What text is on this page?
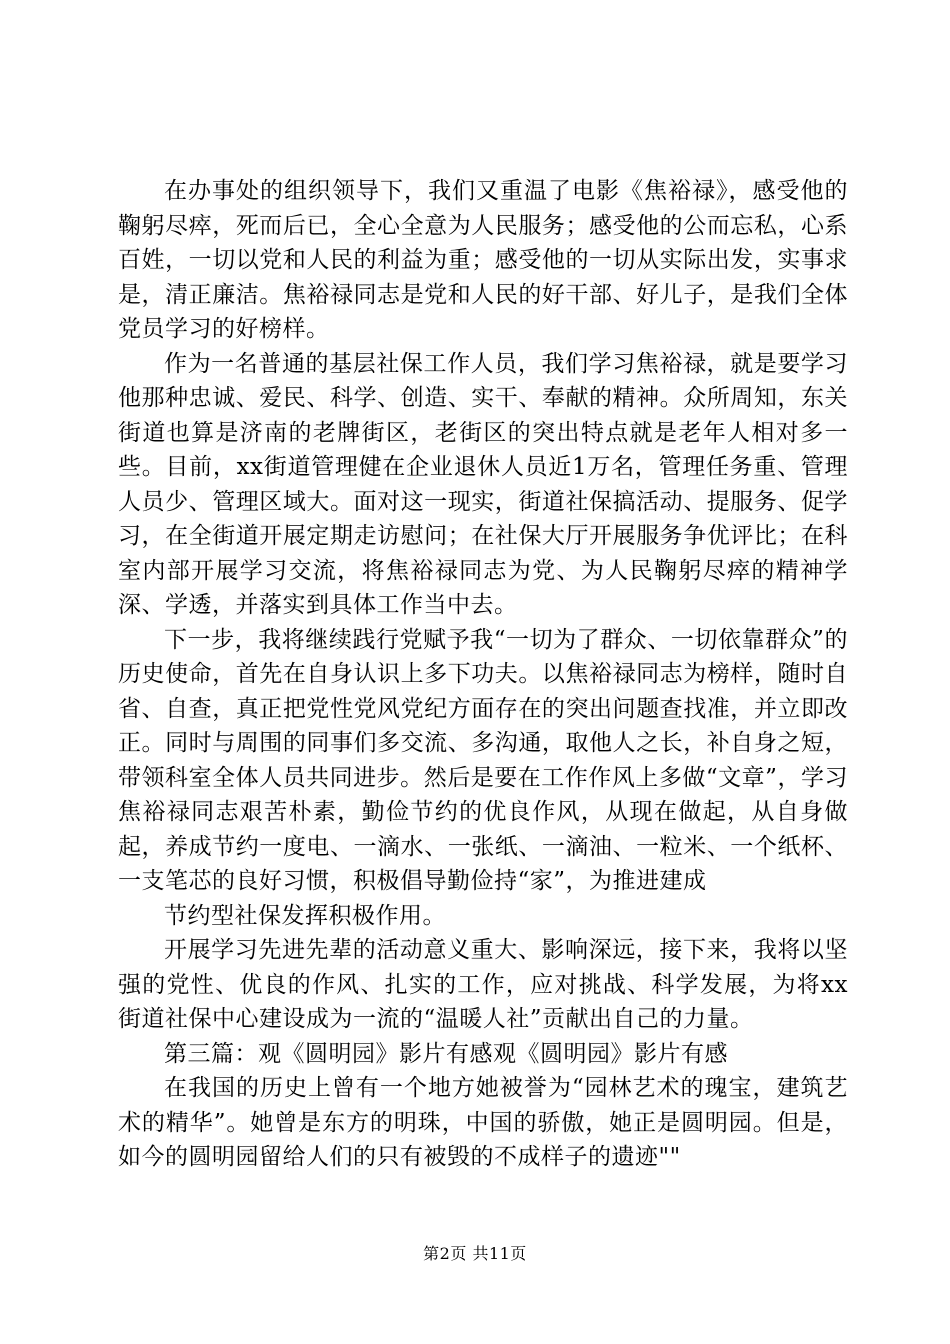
在办事处的组织领导下，我们又重温了电影《焦裕禄》，感受他的鞠躬尽瘁，死而后已，全心全意为人民服务；感受他的公而忘私，心系百姓，一切以党和人民的利益为重；感受他的一切从实际出发，实事求是，清正廉洁。焦裕禄同志是党和人民的好干部、好儿子，是我们全体党员学习的好榜样。

作为一名普通的基层社保工作人员，我们学习焦裕禄，就是要学习他那种忠诚、爱民、科学、创造、实干、奉献的精神。众所周知，东关街道也算是济南的老牌街区，老街区的突出特点就是老年人相对多一些。目前，xx街道管理健在企业退休人员近1万名，管理任务重、管理人员少、管理区域大。面对这一现实，街道社保搞活动、提服务、促学习，在全街道开展定期走访慰问；在社保大厅开展服务争优评比；在科室内部开展学习交流，将焦裕禄同志为党、为人民鞠躬尽瘁的精神学深、学透，并落实到具体工作当中去。

下一步，我将继续践行党赋予我“一切为了群众、一切依靠群众”的历史使命，首先在自身认识上多下功夫。以焦裕禄同志为榜样，随时自省、自查，真正把党性党风党纪方面存在的突出问题查找准，并立即改正。同时与周围的同事们多交流、多沟通，取他人之长，补自身之短，带领科室全体人员共同进步。然后是要在工作作风上多做“文章”，学习焦裕禄同志艰苦朴素，勤俭节约的优良作风，从现在做起，从自身做起，养成节约一度电、一滴水、一张纸、一滴油、一粒米、一个纸杯、一支笔芯的良好习惯，积极倡导勤俭持“家”，为推进建成

节约型社保发挥积极作用。

开展学习先进先辈的活动意义重大、影响深远，接下来，我将以坚强的党性、优良的作风、扎实的工作，应对挑战、科学发展，为将xx街道社保中心建设成为一流的“温暖人社”贡献出自己的力量。

第三篇：观《圆明园》影片有感观《圆明园》影片有感

在我国的历史上曾有一个地方她被誉为“园林艺术的瑰宝，建筑艺术的精华”。她曾是东方的明珠，中国的骄傲，她正是圆明园。但是，如今的圆明园留给人们的只有被毁的不成样子的遗迹""

第2页 共11页
